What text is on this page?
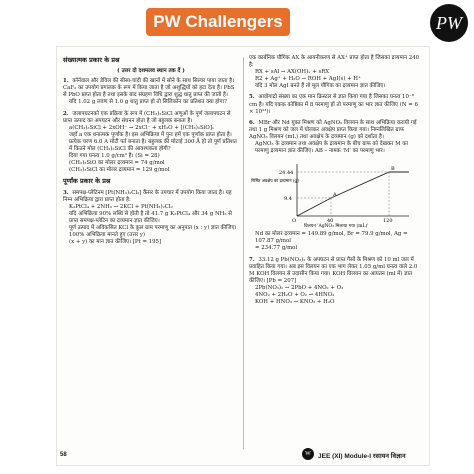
PW Challengers	PW
संख्यात्मक प्रकार के प्रश्न
( उत्तर दो दशमलव स्थान तक दें )
1. कॉर्नवाल और डेविल की सीसा-चांदी की खानों में सोने के साथ सिल्वर पाया जाता है। CaF₂ का उपयोग प्रगालक के रूप में किया जाता है जो अशुद्धियों को हटा देता है। PbS से PbO प्राप्त होता है तथा इसके बाद संग्रहण विधि द्वारा शुद्ध धातु प्राप्त की जाती है।
यदि 1.02 g लवण से 1.0 g धातु प्राप्त हो तो सिलिकॉन का प्रतिशत क्या होगा?
2. जलापघटनको एक प्रक्रिया के रूप में (CH₃)₃SiCl अणुओं के पूर्ण जलापघटन से प्राप्त उत्पाद का अपघटन और संघनन होता है जो बहुलक बनाता है।
a(CH₃)₃SiCl + 2xOH⁻ → 2xCl⁻ + xH₂O + [(CH₃)₂SiO]ₓ
जहाँ a एक धनात्मक पूर्णांक है। इस अभिक्रिया में पुनः हमें एक पूर्णांक प्राप्त होता है। प्रत्येक चरण 6.0 A मोटी पर्त बनाता है। बहुलक की मोटाई 300 Å हो तो पूर्ण प्रतिशत में कितने मोल (CH₃)₃SiCl की आवश्यकता होगी?
दिया गया घनत्व 1.0 g/cm³ है। (Si = 28)
(CH₃)₃SiO का मोलर द्रव्यमान = 74 g/mol
(CH₃)₃SiCl का मोलर द्रव्यमान = 129 g/mol
पूर्णांक प्रकार के प्रश्न
3. समपक्ष-प्लेटिनम [Pt(NH₃)₂Cl₂] कैंसर के उपचार में उपयोग किया जाता है। यह निम्न अभिक्रिया द्वारा प्राप्त होता है:
K₂PtCl₄ + 2NH₃ → 2KCl + Pt(NH₃)₂Cl₂
यदि अभिक्रिया 90% लब्धि से होती है तो 41.7 g K₂PtCl₄ और 34 g NH₃ से प्राप्त समपक्ष-प्लेटिन का द्रव्यमान ज्ञात कीजिए।
पूर्ण उत्पाद में अविकसित KCl के कुल ग्राम परमाणु का अनुपात (x : y) ज्ञात कीजिए।
100% अभिक्रिया मानते हुए (उत्तर y)
(x + y) का मान ज्ञात कीजिए। [Pt = 195]
एक कार्बनिक यौगिक AX के आयनीकरण से AX⁺ प्राप्त होता है जिसका द्रव्यमान 240 है:
RX + sAl → AX(OH)ₓ + sRX
R2 + Ag⁺ + H₂O → ROH + AgI(s) + H⁺
यदि 3 मोल AgI बनते हैं तो मूल यौगिक का द्रव्यमान ज्ञात कीजिए।
5. आवोगाद्रो संख्या का एक मान क्रिस्टल से ज्ञात किया गया है जिसका घनत्व 10⁻⁸ cm है। यदि एकक कोष्ठिका में 8 परमाणु हों तो परमाणु का भार ज्ञात कीजिए (N = 6 × 10²³)।
6. MBr और Nd युक्त मिश्रण को AgNO₃ विलयन के साथ अभिक्रिया करायी गई तथा 1 g मिश्रण को जल में घोलकर अवक्षेप प्राप्त किया गया। निम्नलिखित ग्राफ AgNO₃ विलयन (mL) तथा अवक्षेप के द्रव्यमान (g) को दर्शाता है।
AgNO₃ के द्रव्यमान तथा अवक्षेप के द्रव्यमान के बीच ग्राफ को देखकर M का परमाणु द्रव्यमान ज्ञात कीजिए। AB – नामक 'M' का परमाणु भार।
24.44
9.4
40	120
A
B
O
निर्मित अवक्षेप का द्रव्यमान (g)
विलयन 'AgNO₃ मिलाया गया (mL)'
Nd का मोलर द्रव्यमान = 149.89 g/mol, Br = 79.9 g/mol, Ag = 107.87 g/mol
= 234.77 g/mol
7. 33.12 g Pb(NO₃)₂ के अपघटन से प्राप्त गैसों के मिश्रण को 10 ml जल में प्रवाहित किया गया। अब इस विलयन का एक भाग लेकर 1.05 g/ml घनत्व वाले 2.0 M KOH विलयन से उदासीन किया गया। KOH विलयन का आयतन (ml में) ज्ञात कीजिए। [Pb = 207]
2Pb(NO₃)₂ → 2PbO + 4NO₂ + O₂
4NO₂ + 2H₂O + O₂ → 4HNO₃
KOH + HNO₃ → KNO₃ + H₂O
58	W	JEE (XI) Module-I रसायन विज्ञान
